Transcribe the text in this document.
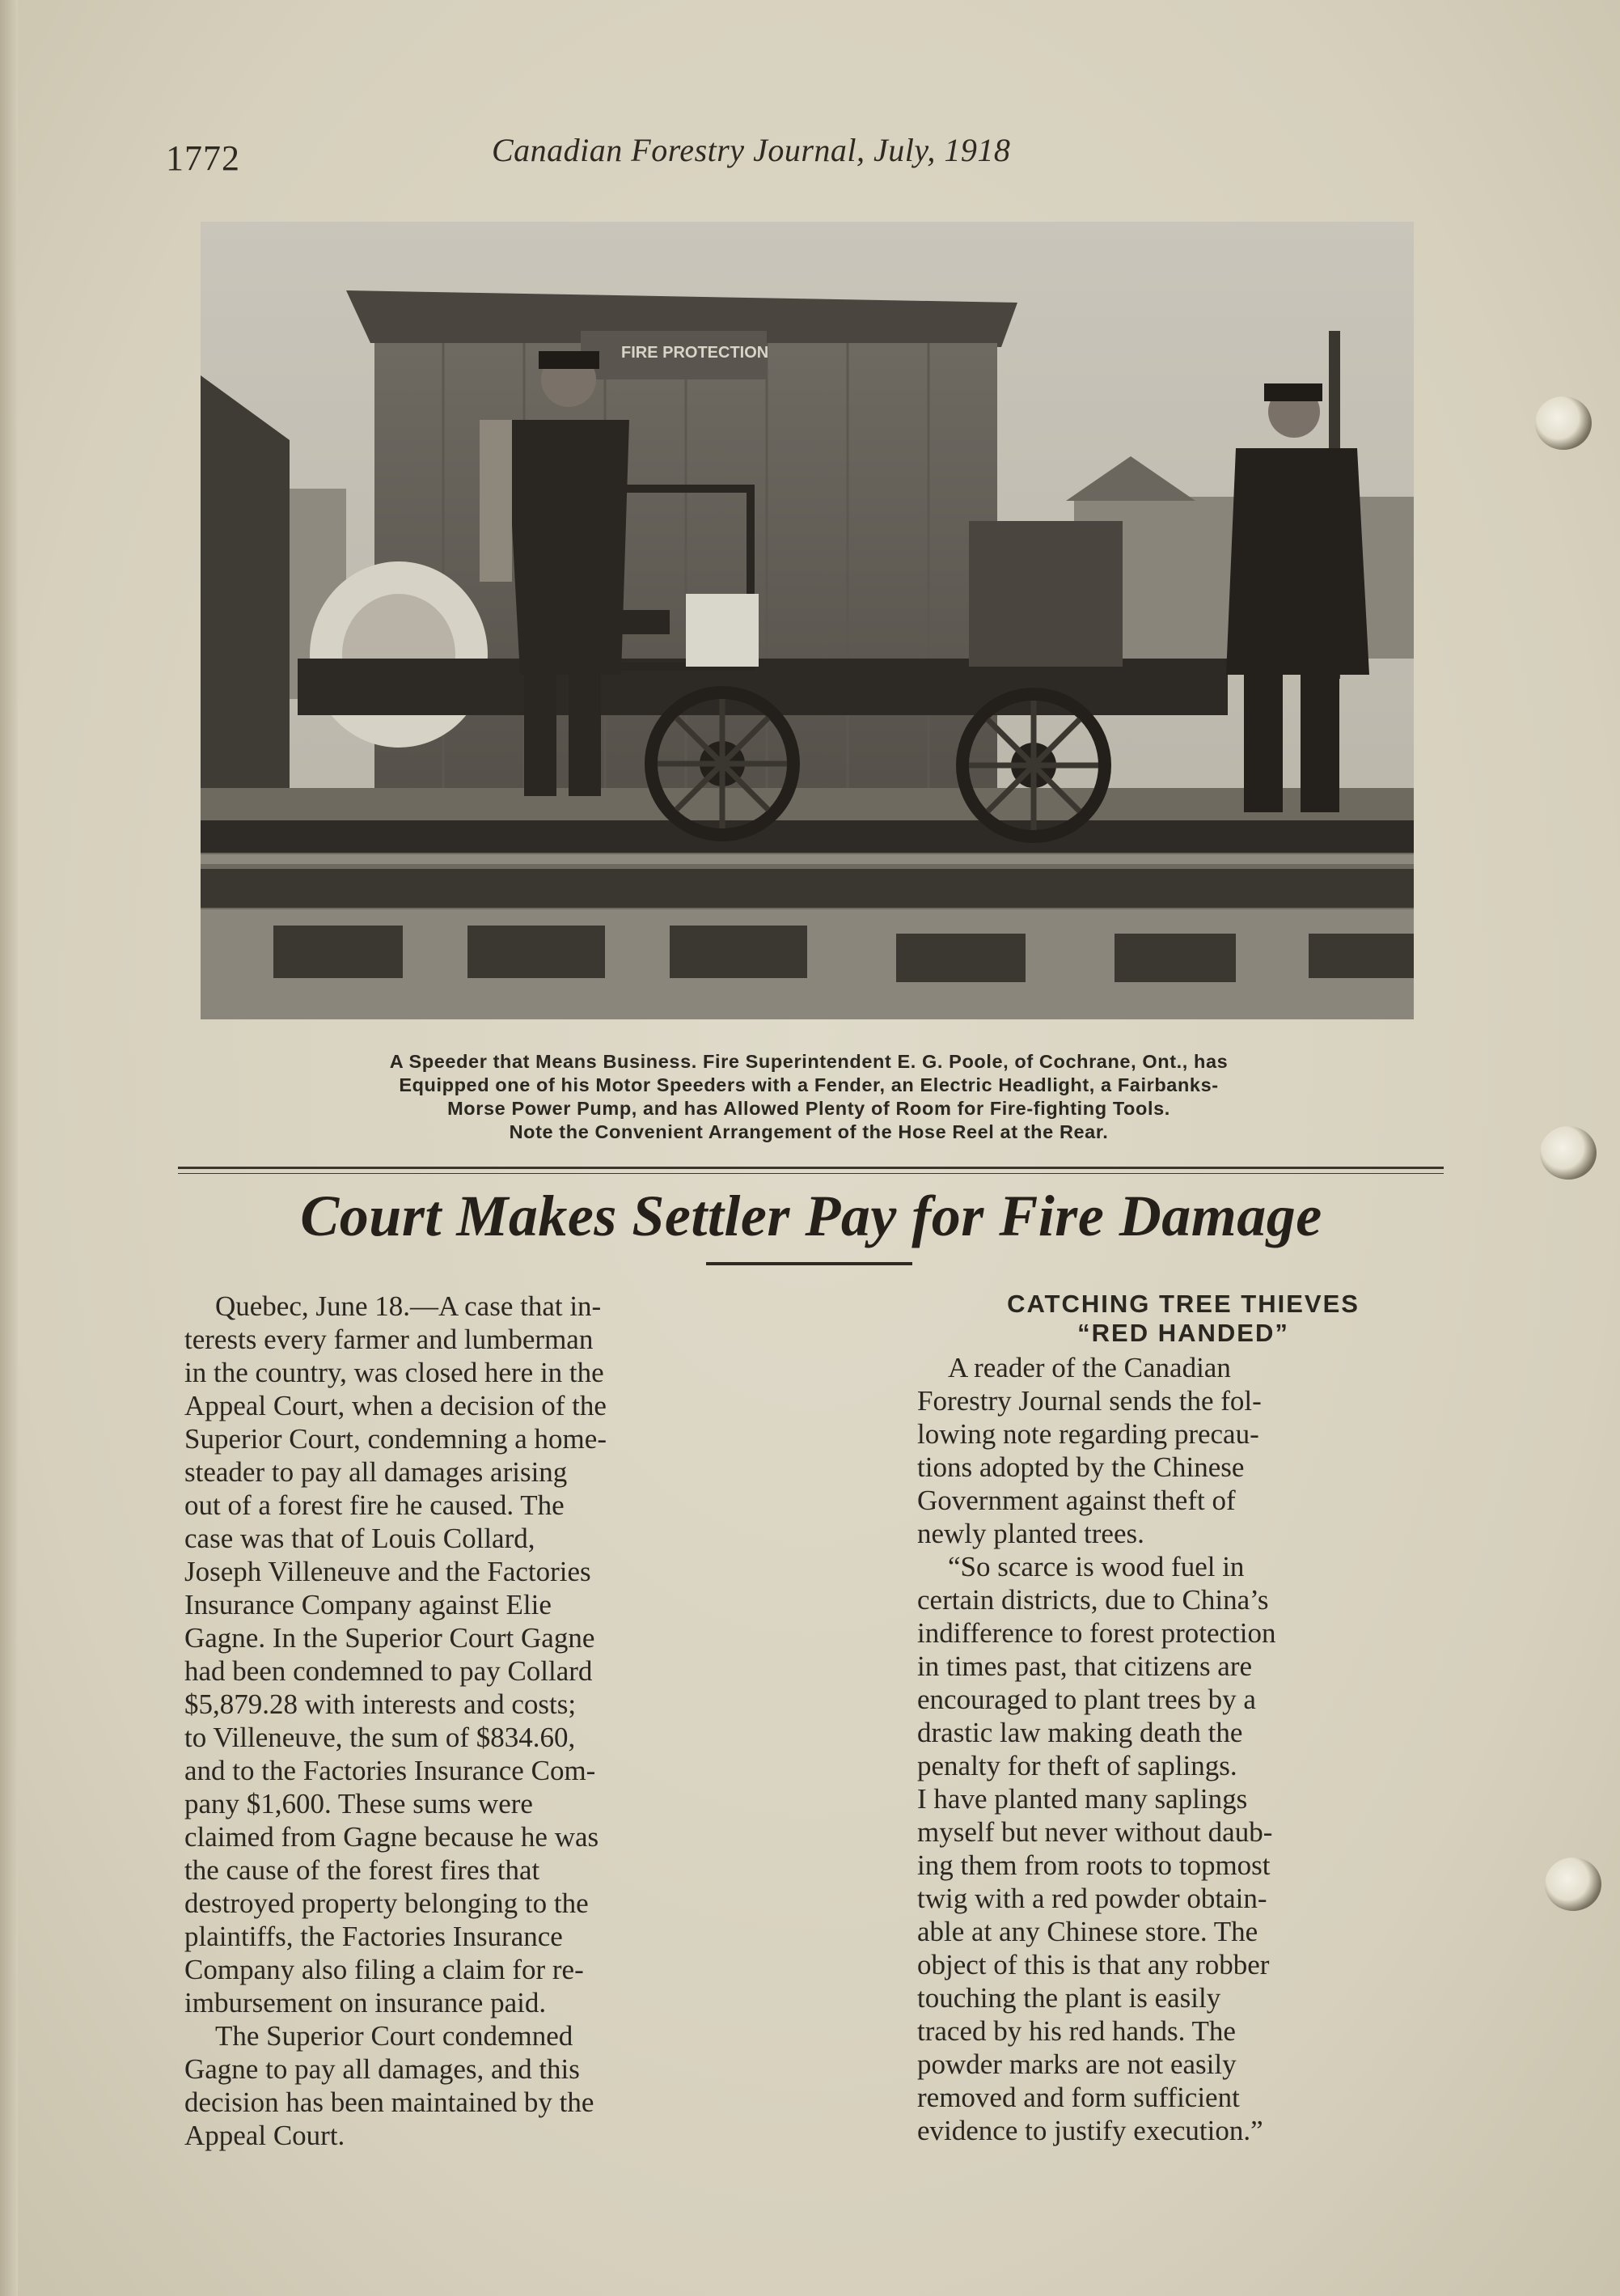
1772	Canadian Forestry Journal, July, 1918
FIRE PROTECTION
A Speeder that Means Business. Fire Superintendent E. G. Poole, of Cochrane, Ont., has
Equipped one of his Motor Speeders with a Fender, an Electric Headlight, a Fairbanks-
Morse Power Pump, and has Allowed Plenty of Room for Fire-fighting Tools.
Note the Convenient Arrangement of the Hose Reel at the Rear.
Court Makes Settler Pay for Fire Damage

Quebec, June 18.—A case that in-
terests every farmer and lumberman
in the country, was closed here in the
Appeal Court, when a decision of the
Superior Court, condemning a home-
steader to pay all damages arising
out of a forest fire he caused. The
case was that of Louis Collard,
Joseph Villeneuve and the Factories
Insurance Company against Elie
Gagne. In the Superior Court Gagne
had been condemned to pay Collard
$5,879.28 with interests and costs;
to Villeneuve, the sum of $834.60,
and to the Factories Insurance Com-
pany $1,600. These sums were
claimed from Gagne because he was
the cause of the forest fires that
destroyed property belonging to the
plaintiffs, the Factories Insurance
Company also filing a claim for re-
imbursement on insurance paid.
The Superior Court condemned
Gagne to pay all damages, and this
decision has been maintained by the
Appeal Court.

CATCHING TREE THIEVES
“RED HANDED”

A reader of the Canadian
Forestry Journal sends the fol-
lowing note regarding precau-
tions adopted by the Chinese
Government against theft of
newly planted trees.
“So scarce is wood fuel in
certain districts, due to China’s
indifference to forest protection
in times past, that citizens are
encouraged to plant trees by a
drastic law making death the
penalty for theft of saplings.
I have planted many saplings
myself but never without daub-
ing them from roots to topmost
twig with a red powder obtain-
able at any Chinese store. The
object of this is that any robber
touching the plant is easily
traced by his red hands. The
powder marks are not easily
removed and form sufficient
evidence to justify execution.”
